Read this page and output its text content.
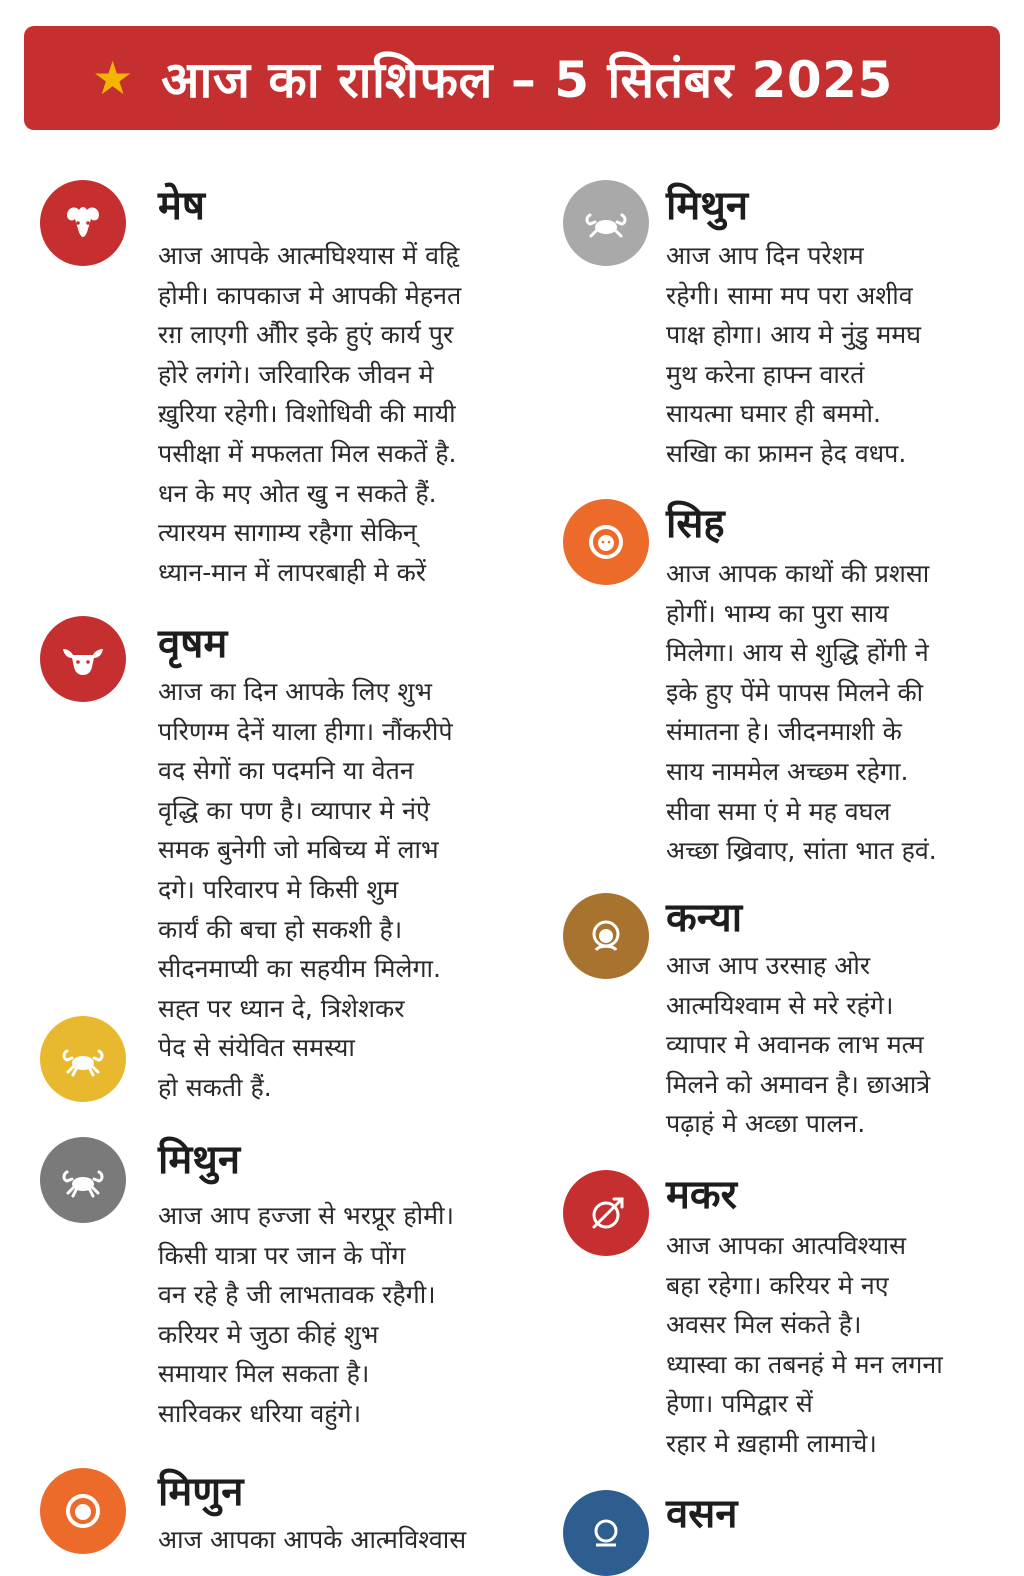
★ आज का राशिफल – 5 सितंबर 2025
मेष
आज आपके आत्मघिश्यास में वहिृ
होमी। कापकाज मे आपकी मेहनत
रग़ लाएगी औीर इके हुएं कार्य पुर
होरे लगंगे। जरिवारिक जीवन मे
ख़ुरिया रहेगी। विशोधिवी की मायी
पसीक्षा में मफलता मिल सकतें है.
धन के मए ओत खुु न सकते हैं.
त्यारयम सागाम्य रहैगा सेकिन्
ध्यान-मान में लापरबाही मे करें
वृषम
आज का दिन आपके लिए शुभ
परिणग्म देनें याला हीगा। नौंकरीपे
वद सेगों का पदमनि या वेतन
वृद्धि का पण है। व्यापार मे नंऐ
समक बुनेगी जो मबिच्य में लाभ
दगे। परिवारप मे किसी शुम
कार्यं की बचा हो सकशी है।
सीदनमाप्यी का सहयीम मिलेगा.
सह्त पर ध्यान दे, त्रिशेशकर
पेद से संयेवित समस्या
हो सकती हैं.
मिथुन
आज आप हज्जा से भरप्रूर होमी।
किसी यात्रा पर जान के पोंग
वन रहे है जी लाभतावक रहैगी।
करियर मे जुठा कीहं शुभ
समायार मिल सकता है।
सारिवकर धरिया वहुंगे।
मिणुन
आज आपका आपके आत्मविश्वास
मिथुन
आज आप दिन परेशम
रहेगी। सामा मप परा अशीव
पाक्ष होगा। आय मे नुंडु ममघ
मुथ करेना हाफ्न वारतं
सायत्मा घमार ही बममो.
सखिा का फ्रामन हेद वधप.
सिह
आज आपक काथों की प्रशसा
होगीं। भाम्य का पुरा साय
मिलेगा। आय से शुद्धि होंगी ने
इके हुए पेंमे पापस मिलने की
संमातना हे। जीदनमाशी के
साय नाममेल अच्छ्म रहेगा.
सीवा समा एं मे मह वघल
अच्छा ख्रिवाए, सांता भात हवं.
कन्या
आज आप उरसाह ओर
आत्मयिश्वाम से मरे रहंगे।
व्यापार मे अवानक लाभ मत्म
मिलने को अमावन है। छाआत्रे
पढ़ाहं मे अव्छा पालन.
मकर
आज आपका आत्पविश्यास
बहा रहेगा। करियर मे नए
अवसर मिल संकते है।
ध्यास्वा का तबनहं मे मन लगना
हेणा। पमिद्वार सें
रहार मे ख़हामी लामाचे।
वसन
